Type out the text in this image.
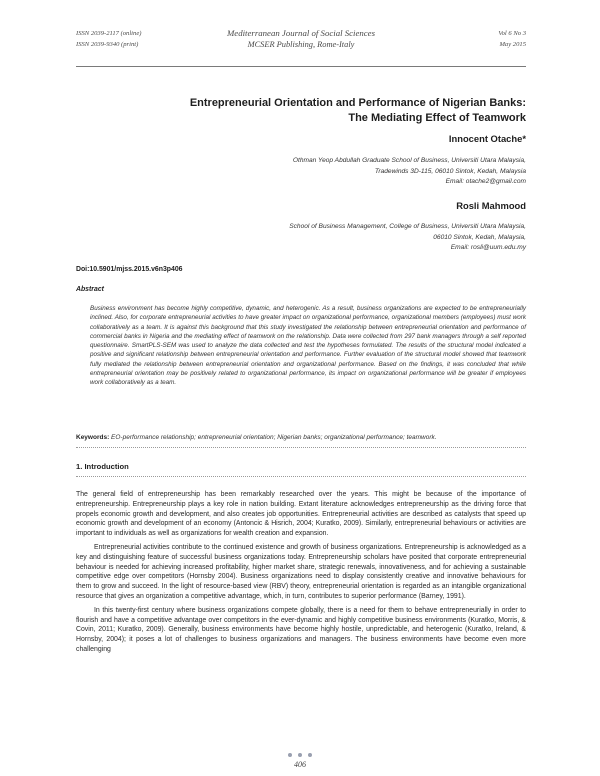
ISSN 2039-2117 (online)
ISSN 2039-9340 (print)
Mediterranean Journal of Social Sciences
MCSER Publishing, Rome-Italy
Vol 6 No 3
May 2015
Entrepreneurial Orientation and Performance of Nigerian Banks:
The Mediating Effect of Teamwork
Innocent Otache*
Othman Yeop Abdullah Graduate School of Business, Universiti Utara Malaysia,
Tradewinds 3D-115, 06010 Sintok, Kedah, Malaysia
Email: otache2@gmail.com
Rosli Mahmood
School of Business Management, College of Business, Universiti Utara Malaysia,
06010 Sintok, Kedah, Malaysia,
Email: rosli@uum.edu.my
Doi:10.5901/mjss.2015.v6n3p406
Abstract
Business environment has become highly competitive, dynamic, and heterogenic. As a result, business organizations are expected to be entrepreneurially inclined. Also, for corporate entrepreneurial activities to have greater impact on organizational performance, organizational members (employees) must work collaboratively as a team. It is against this background that this study investigated the relationship between entrepreneurial orientation and performance of commercial banks in Nigeria and the mediating effect of teamwork on the relationship. Data were collected from 297 bank managers through a self reported questionnaire. SmartPLS-SEM was used to analyze the data collected and test the hypotheses formulated. The results of the structural model indicated a positive and significant relationship between entrepreneurial orientation and performance. Further evaluation of the structural model showed that teamwork fully mediated the relationship between entrepreneurial orientation and organizational performance. Based on the findings, it was concluded that while entrepreneurial orientation may be positively related to organizational performance, its impact on organizational performance will be greater if employees work collaboratively as a team.
Keywords: EO-performance relationship; entrepreneurial orientation; Nigerian banks; organizational performance; teamwork.
1. Introduction

The general field of entrepreneurship has been remarkably researched over the years. This might be because of the importance of entrepreneurship. Entrepreneurship plays a key role in nation building. Extant literature acknowledges entrepreneurship as the driving force that propels economic growth and development, and also creates job opportunities. Entrepreneurial activities are described as catalysts that speed up economic growth and development of an economy (Antoncic & Hisrich, 2004; Kuratko, 2009). Similarly, entrepreneurial behaviours or activities are important to individuals as well as organizations for wealth creation and expansion.

Entrepreneurial activities contribute to the continued existence and growth of business organizations. Entrepreneurship is acknowledged as a key and distinguishing feature of successful business organizations today. Entrepreneurship scholars have posited that corporate entrepreneurial behaviour is needed for achieving increased profitability, higher market share, strategic renewals, innovativeness, and for achieving a sustainable competitive edge over competitors (Hornsby 2004). Business organizations need to display consistently creative and innovative behaviours for them to grow and succeed. In the light of resource-based view (RBV) theory, entrepreneurial orientation is regarded as an intangible organizational resource that gives an organization a competitive advantage, which, in turn, contributes to superior performance (Barney, 1991).

In this twenty-first century where business organizations compete globally, there is a need for them to behave entrepreneurially in order to flourish and have a competitive advantage over competitors in the ever-dynamic and highly competitive business environments (Kuratko, Morris, & Covin, 2011; Kuratko, 2009). Generally, business environments have become highly hostile, unpredictable, and heterogenic (Kuratko, Ireland, & Hornsby, 2004); it poses a lot of challenges to business organizations and managers. The business environments have become even more challenging

406
